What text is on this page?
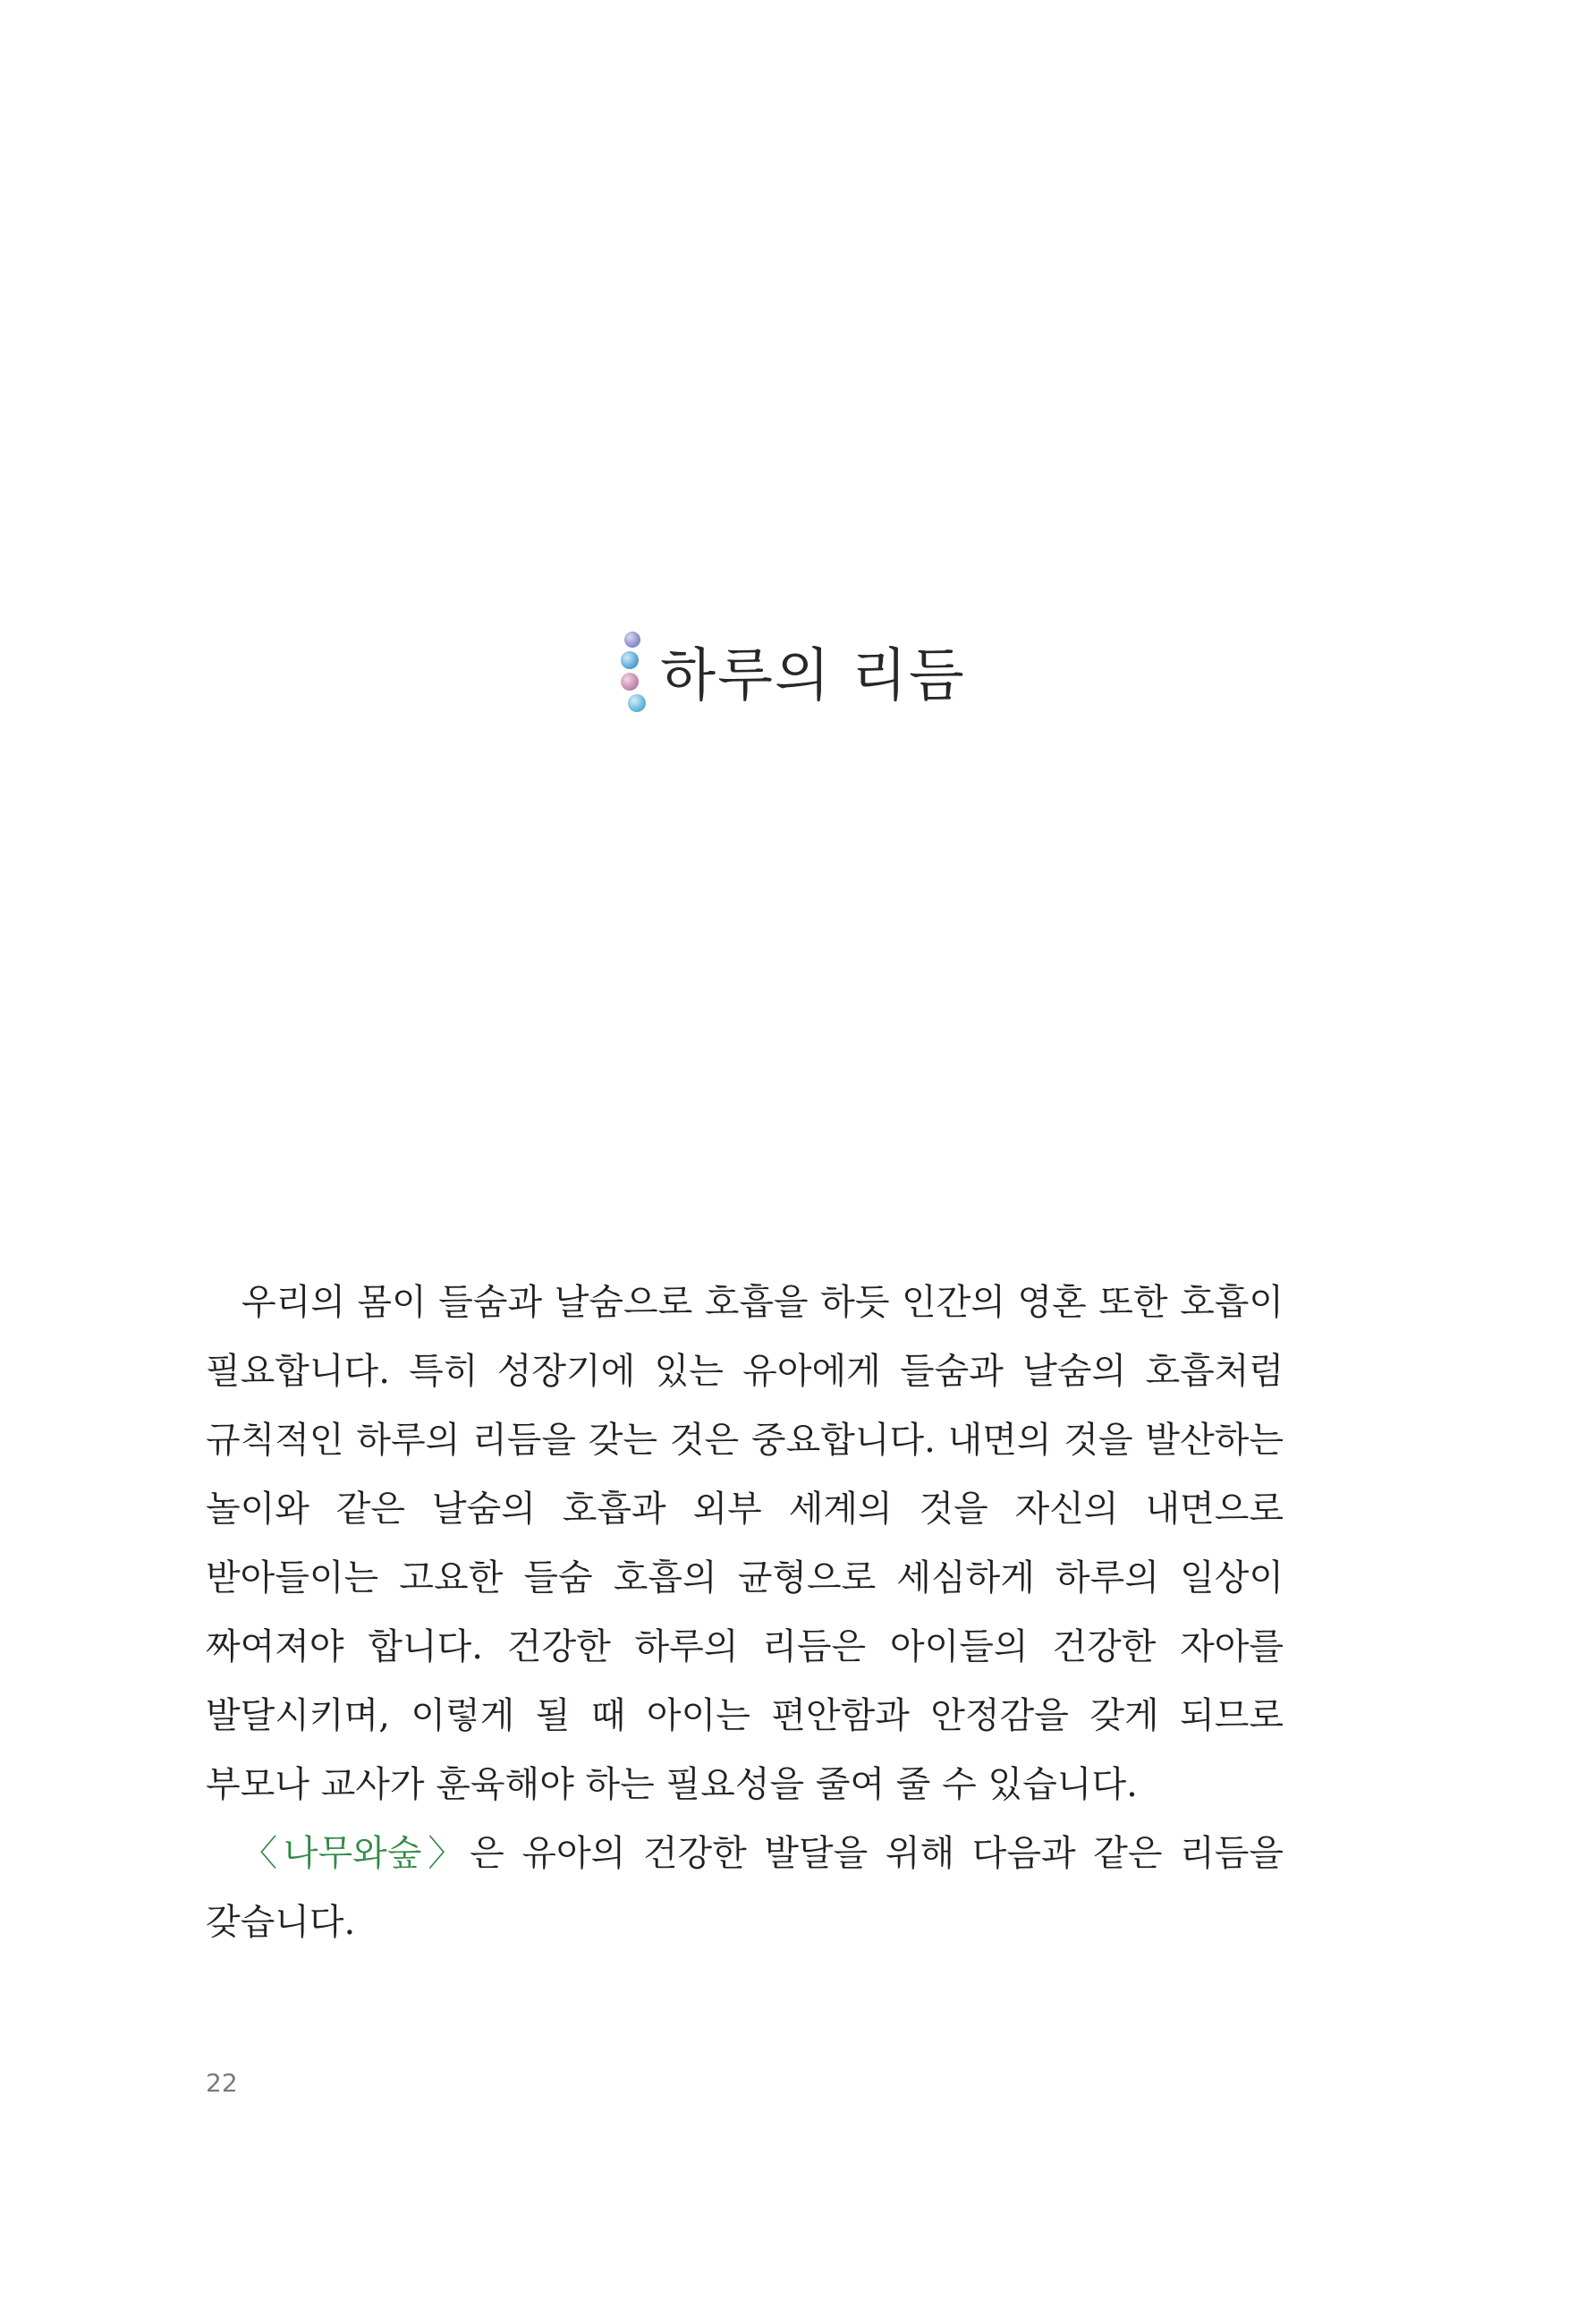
하루의 리듬

우리의 몸이 들숨과 날숨으로 호흡을 하듯 인간의 영혼 또한 호흡이 필요합니다. 특히 성장기에 있는 유아에게 들숨과 날숨의 호흡처럼 규칙적인 하루의 리듬을 갖는 것은 중요합니다. 내면의 것을 발산하는 놀이와 같은 날숨의 호흡과 외부 세계의 것을 자신의 내면으로 받아들이는 고요한 들숨 호흡의 균형으로 세심하게 하루의 일상이 짜여져야 합니다. 건강한 하루의 리듬은 아이들의 건강한 자아를 발달시키며, 이렇게 될 때 아이는 편안함과 안정감을 갖게 되므로 부모나 교사가 훈육해야 하는 필요성을 줄여 줄 수 있습니다.

〈나무와숲〉은 유아의 건강한 발달을 위해 다음과 같은 리듬을 갖습니다.

22
